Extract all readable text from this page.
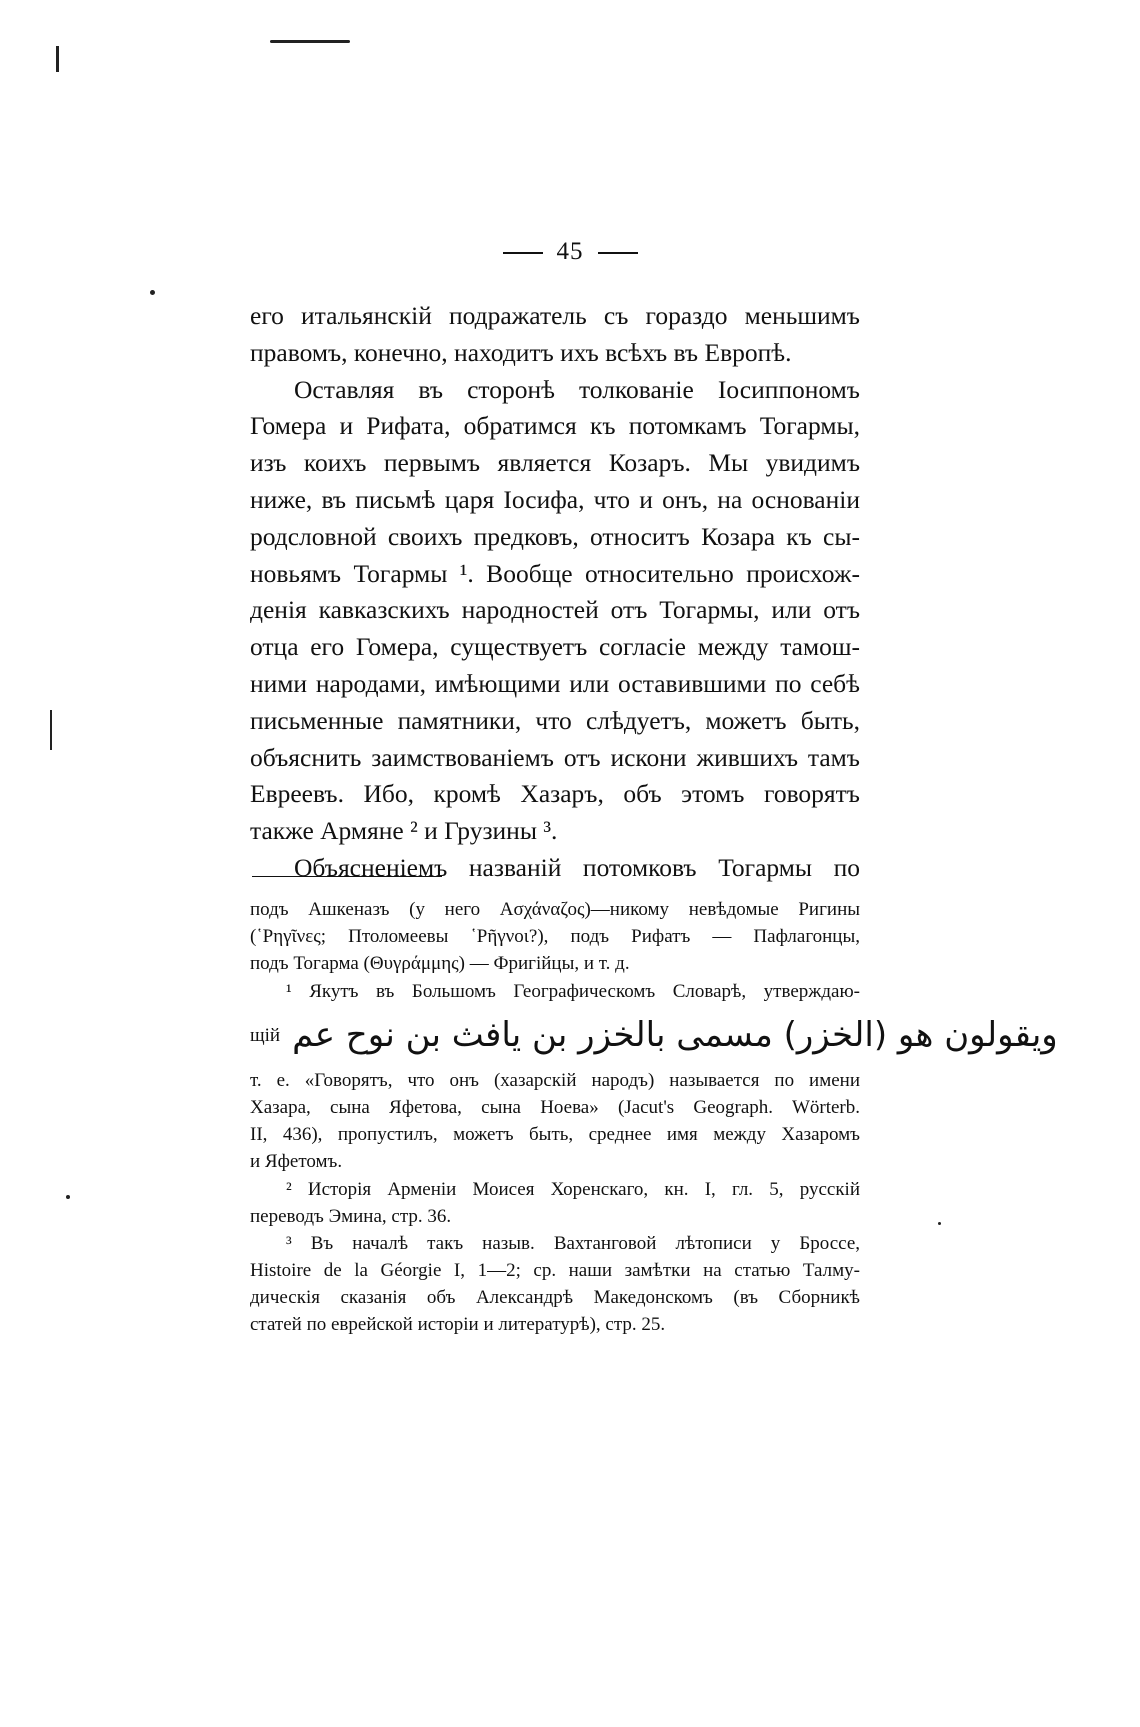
45
его итальянскій подражатель съ гораздо меньшимъ
правомъ, конечно, находитъ ихъ всѣхъ въ Европѣ.
Оставляя въ сторонѣ толкованіе Іосиппономъ
Гомера и Рифата, обратимся къ потомкамъ Тогармы,
изъ коихъ первымъ является Козаръ. Мы увидимъ
ниже, въ письмѣ царя Іосифа, что и онъ, на основаніи
родсловной своихъ предковъ, относитъ Козара къ сы-
новьямъ Тогармы ¹. Вообще относительно происхож-
денія кавказскихъ народностей отъ Тогармы, или отъ
отца его Гомера, существуетъ согласіе между тамош-
ними народами, имѣющими или оставившими по себѣ
письменные памятники, что слѣдуетъ, можетъ быть,
объяснить заимствованіемъ отъ искони жившихъ тамъ
Евреевъ. Ибо, кромѣ Хазаръ, объ этомъ говорятъ
также Армяне ² и Грузины ³.
Объясненіемъ названій потомковъ Тогармы по
подъ Ашкеназъ (у него Ασχάναζος)—никому невѣдомые Ригины
(῾Ρηγῖνες; Птоломеевы ῾Ρῆγνοι?), подъ Рифатъ — Пафлагонцы,
подъ Тогарма (Θυγράμμης) — Фригійцы, и т. д.
¹ Якутъ въ Большомъ Географическомъ Словарѣ, утверждаю-
щій ويقولون هو (الخزر) مسمى بالخزر بن يافث بن نوح عم
т. е. «Говорятъ, что онъ (хазарскій народъ) называется по имени
Хазара, сына Яфетова, сына Ноева» (Jacut's Geograph. Wörterb.
II, 436), пропустилъ, можетъ быть, среднее имя между Хазаромъ
и Яфетомъ.
² Исторія Арменіи Моисея Хоренскаго, кн. I, гл. 5, русскій
переводъ Эмина, стр. 36.
³ Въ началѣ такъ назыв. Вахтанговой лѣтописи у Броссе,
Histoire de la Géorgie I, 1—2; ср. наши замѣтки на статью Талму-
дическія сказанія объ Александрѣ Македонскомъ (въ Сборникѣ
статей по еврейской исторіи и литературѣ), стр. 25.
